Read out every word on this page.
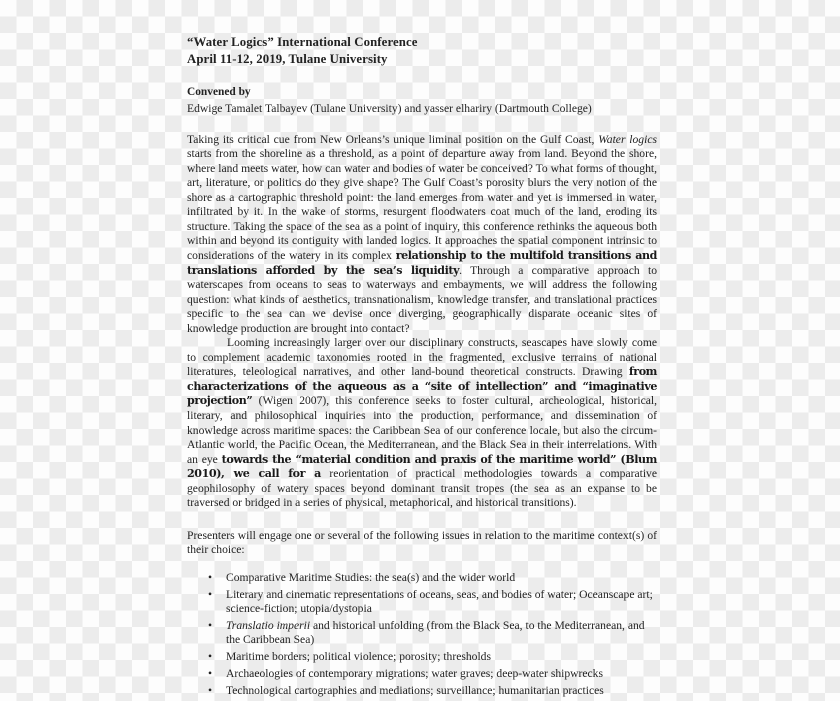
“Water Logics” International Conference
April 11-12, 2019, Tulane University
Convened by
Edwige Tamalet Talbayev (Tulane University) and yasser elhariry (Dartmouth College)

Taking its critical cue from New Orleans’s unique liminal position on the Gulf Coast, Water logics starts from the shoreline as a threshold, as a point of departure away from land. Beyond the shore, where land meets water, how can water and bodies of water be conceived? To what forms of thought, art, literature, or politics do they give shape? The Gulf Coast’s porosity blurs the very notion of the shore as a cartographic threshold point: the land emerges from water and yet is immersed in water, infiltrated by it. In the wake of storms, resurgent floodwaters coat much of the land, eroding its structure. Taking the space of the sea as a point of inquiry, this conference rethinks the aqueous both within and beyond its contiguity with landed logics. It approaches the spatial component intrinsic to considerations of the watery in its complex relationship to the multifold transitions and translations afforded by the sea’s liquidity. Through a comparative approach to waterscapes from oceans to seas to waterways and embayments, we will address the following question: what kinds of aesthetics, transnationalism, knowledge transfer, and translational practices specific to the sea can we devise once diverging, geographically disparate oceanic sites of knowledge production are brought into contact?

Looming increasingly larger over our disciplinary constructs, seascapes have slowly come to complement academic taxonomies rooted in the fragmented, exclusive terrains of national literatures, teleological narratives, and other land-bound theoretical constructs. Drawing from characterizations of the aqueous as a “site of intellection” and “imaginative projection” (Wigen 2007), this conference seeks to foster cultural, archeological, historical, literary, and philosophical inquiries into the production, performance, and dissemination of knowledge across maritime spaces: the Caribbean Sea of our conference locale, but also the circum-Atlantic world, the Pacific Ocean, the Mediterranean, and the Black Sea in their interrelations. With an eye towards the “material condition and praxis of the maritime world” (Blum 2010), we call for a reorientation of practical methodologies towards a comparative geophilosophy of watery spaces beyond dominant transit tropes (the sea as an expanse to be traversed or bridged in a series of physical, metaphorical, and historical transitions).

Presenters will engage one or several of the following issues in relation to the maritime context(s) of their choice:

• Comparative Maritime Studies: the sea(s) and the wider world
• Literary and cinematic representations of oceans, seas, and bodies of water; Oceanscape art; science-fiction; utopia/dystopia
• Translatio imperii and historical unfolding (from the Black Sea, to the Mediterranean, and the Caribbean Sea)
• Maritime borders; political violence; porosity; thresholds
• Archaeologies of contemporary migrations; water graves; deep-water shipwrecks
• Technological cartographies and mediations; surveillance; humanitarian practices
